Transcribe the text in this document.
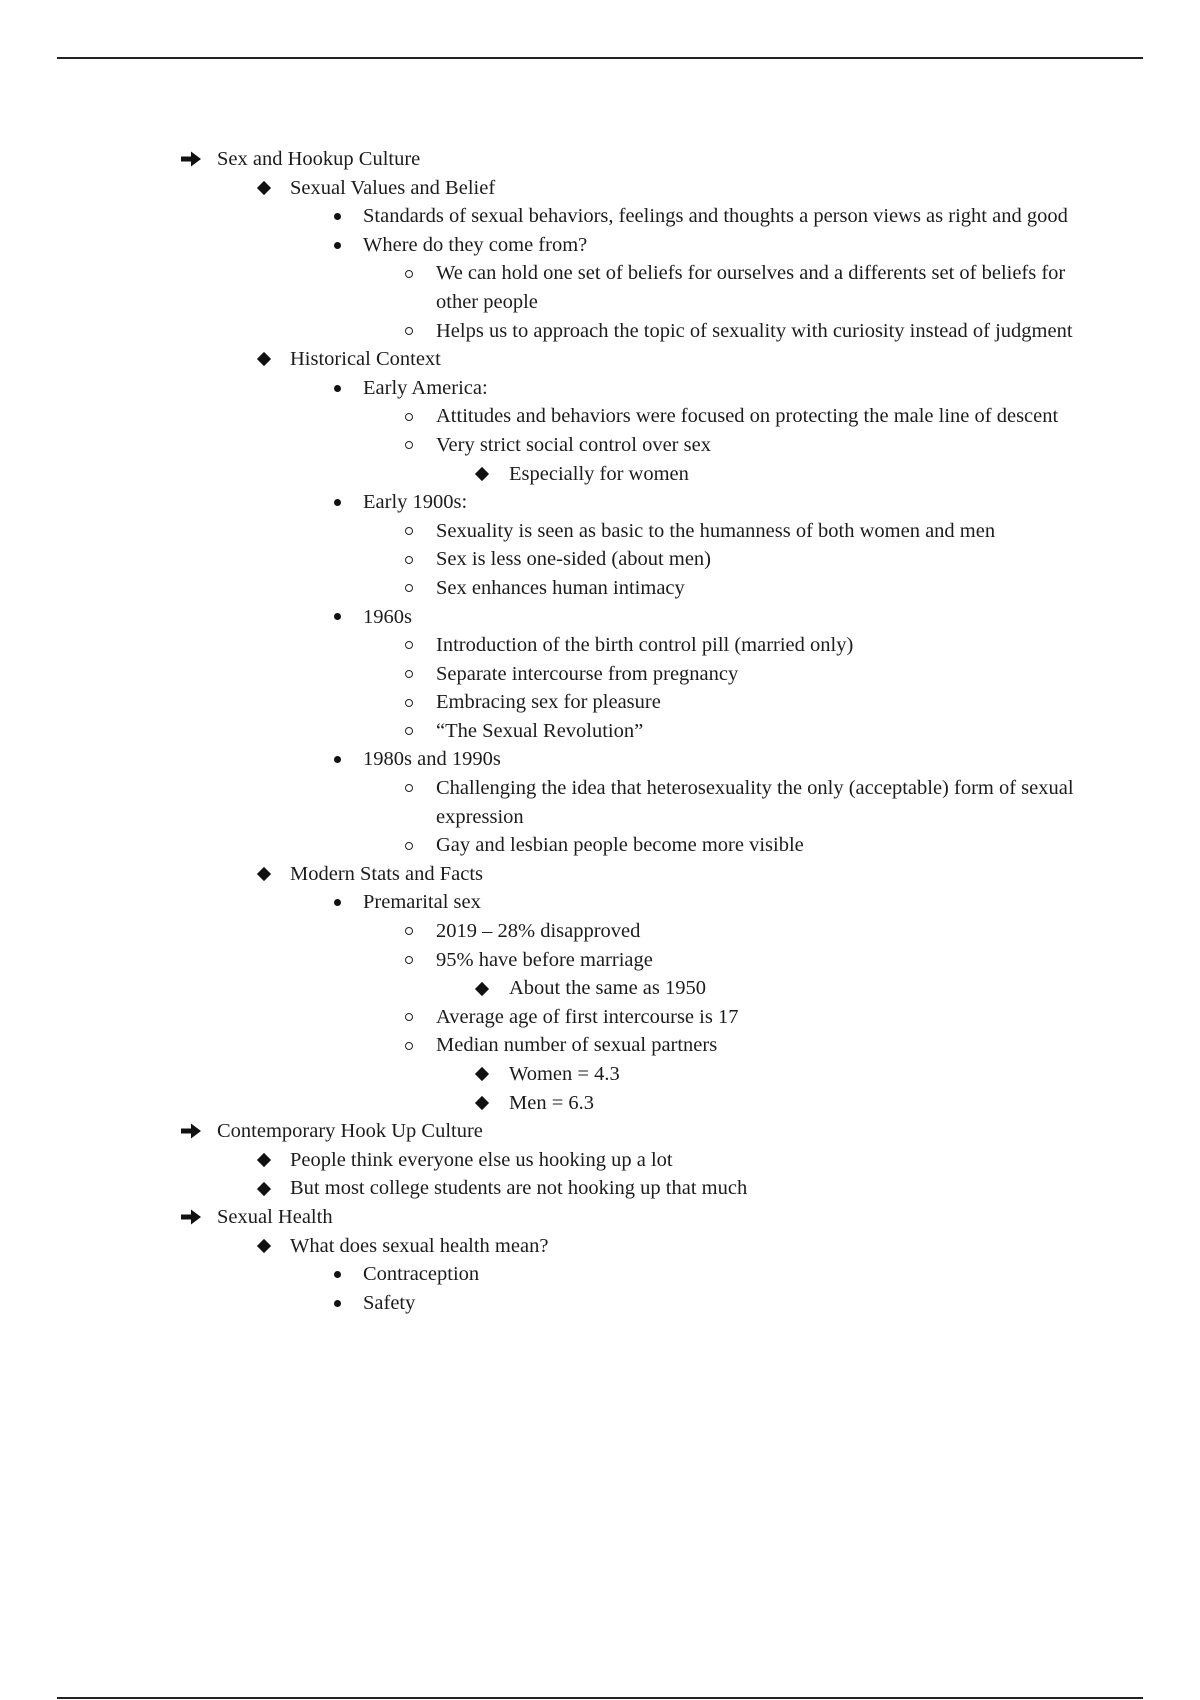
Sex and Hookup Culture
Sexual Values and Belief
Standards of sexual behaviors, feelings and thoughts a person views as right and good
Where do they come from?
We can hold one set of beliefs for ourselves and a differents set of beliefs for other people
Helps us to approach the topic of sexuality with curiosity instead of judgment
Historical Context
Early America:
Attitudes and behaviors were focused on protecting the male line of descent
Very strict social control over sex
Especially for women
Early 1900s:
Sexuality is seen as basic to the humanness of both women and men
Sex is less one-sided (about men)
Sex enhances human intimacy
1960s
Introduction of the birth control pill (married only)
Separate intercourse from pregnancy
Embracing sex for pleasure
“The Sexual Revolution”
1980s and 1990s
Challenging the idea that heterosexuality the only (acceptable) form of sexual expression
Gay and lesbian people become more visible
Modern Stats and Facts
Premarital sex
2019 – 28% disapproved
95% have before marriage
About the same as 1950
Average age of first intercourse is 17
Median number of sexual partners
Women = 4.3
Men = 6.3
Contemporary Hook Up Culture
People think everyone else us hooking up a lot
But most college students are not hooking up that much
Sexual Health
What does sexual health mean?
Contraception
Safety
